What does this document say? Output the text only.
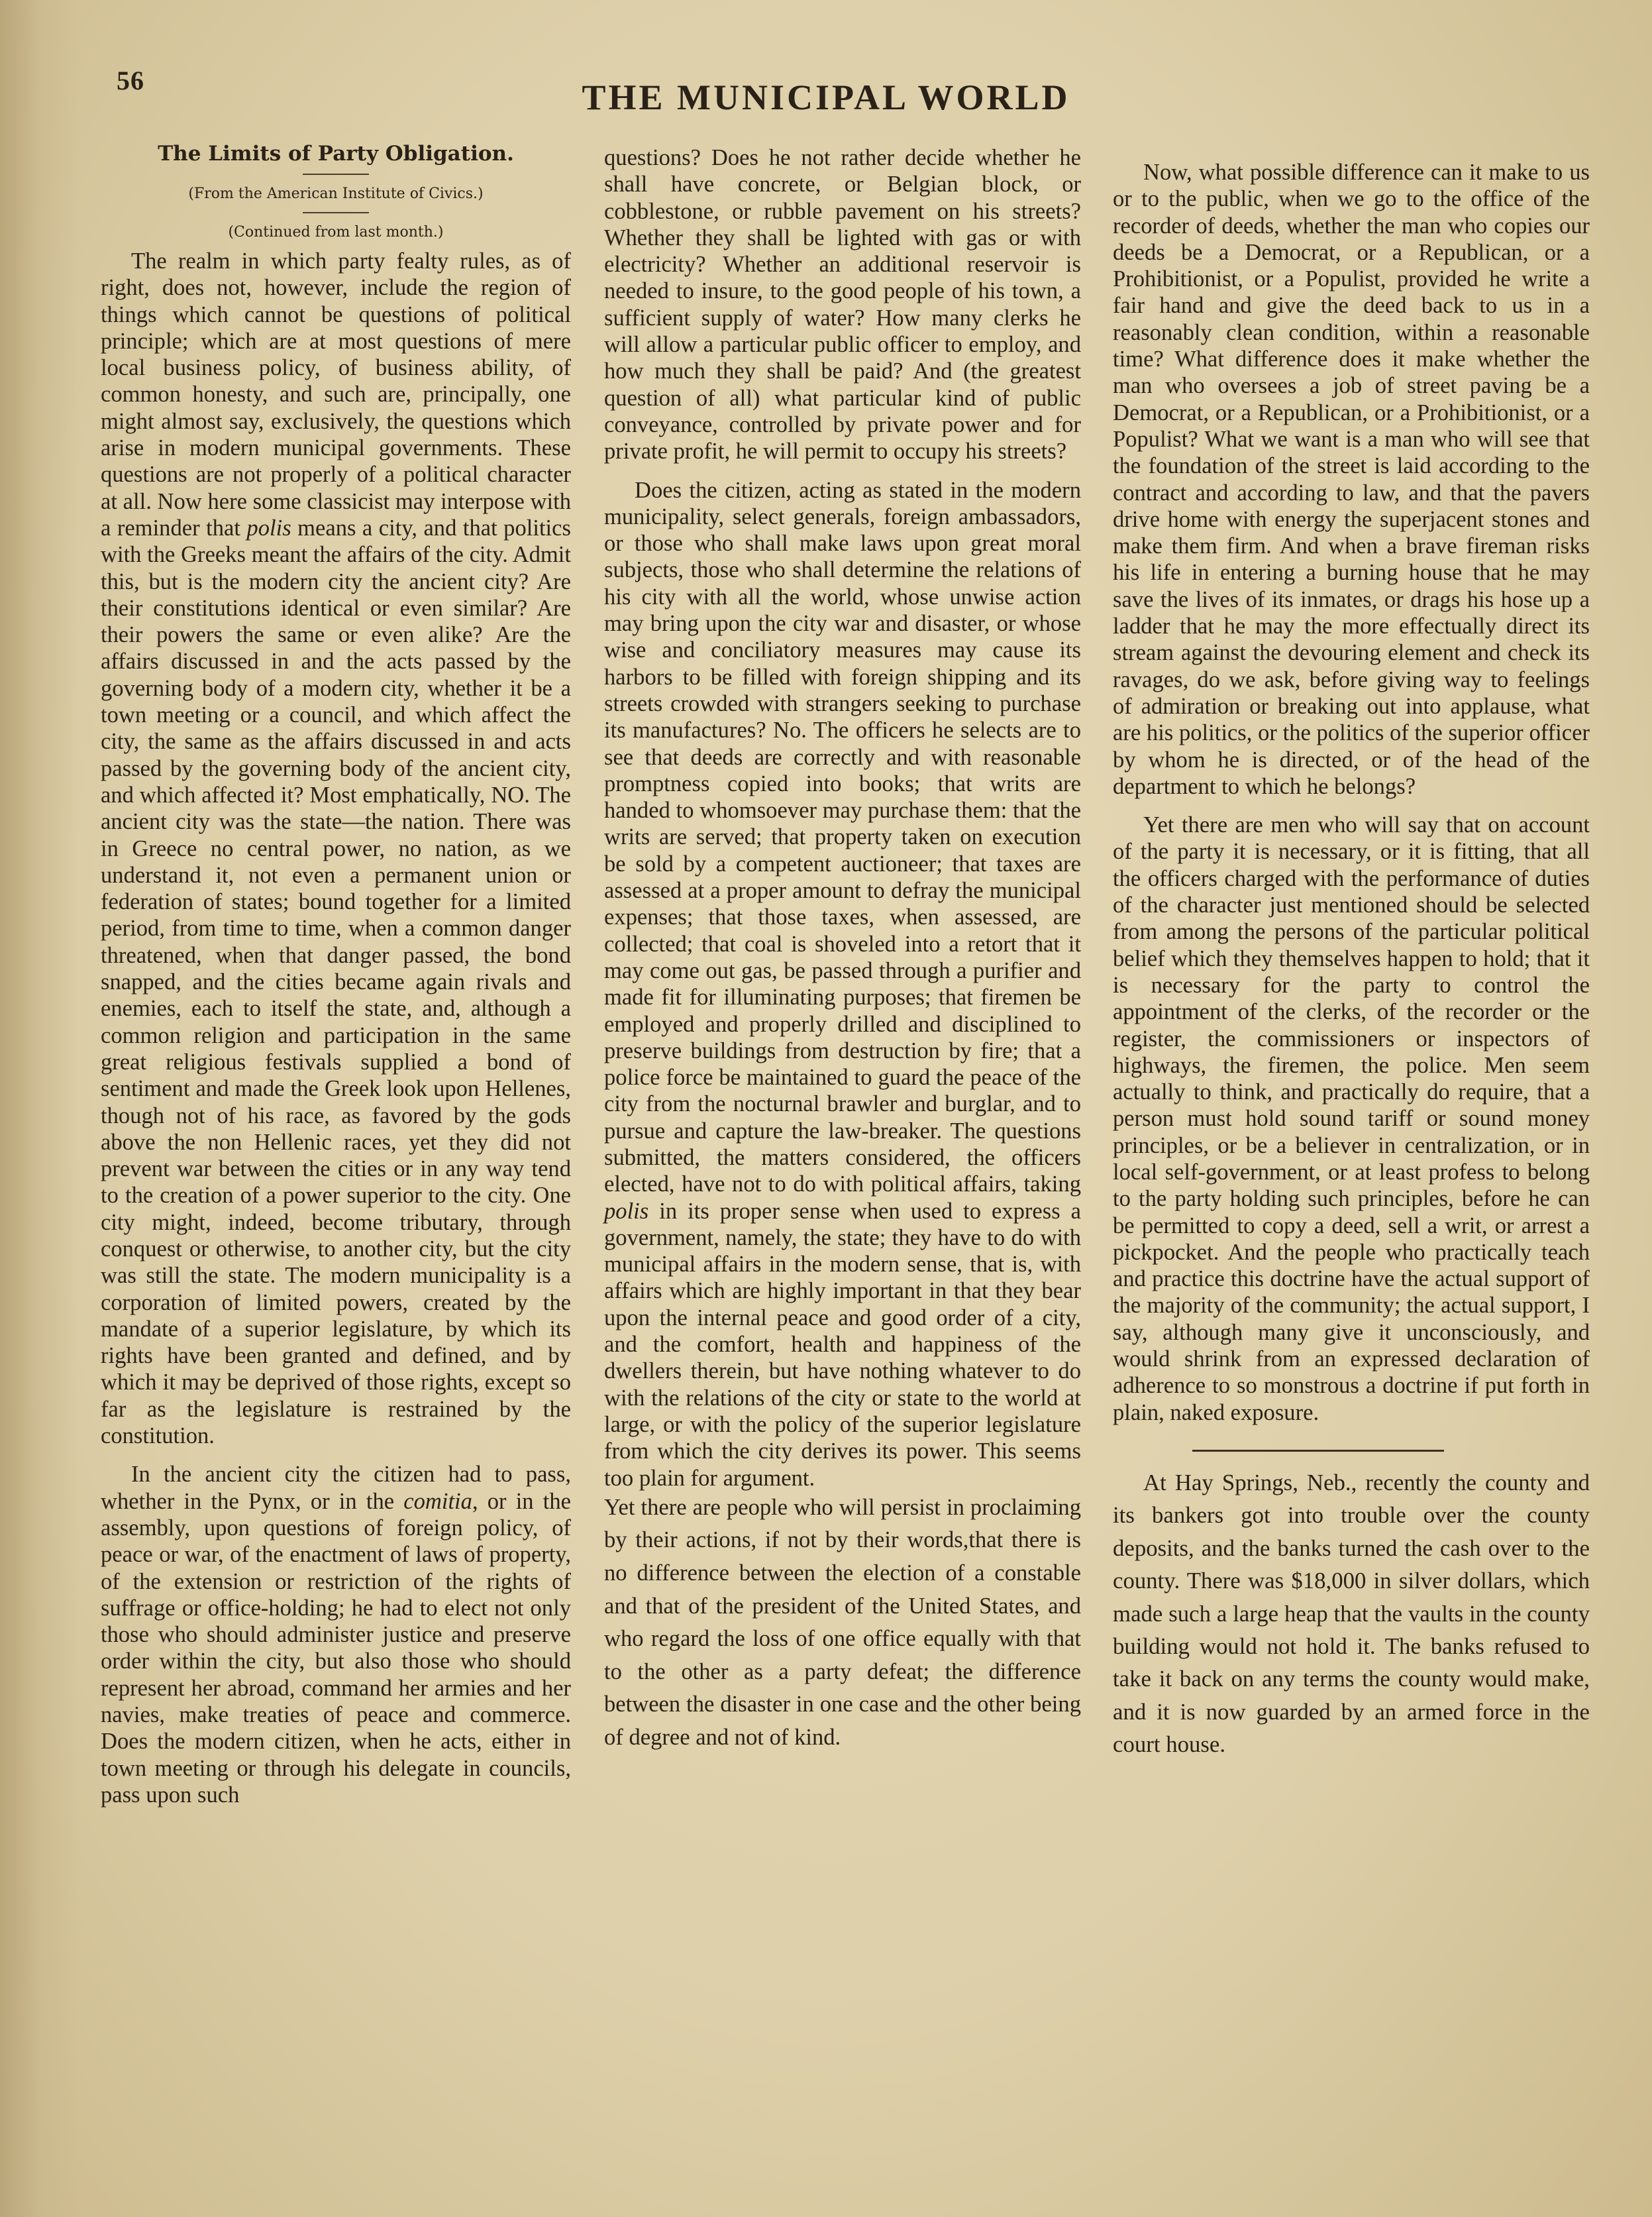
56	THE MUNICIPAL WORLD
The Limits of Party Obligation.
(From the American Institute of Civics.)
(Continued from last month.)

The realm in which party fealty rules, as of right, does not, however, include the region of things which cannot be questions of political principle; which are at most questions of mere local business policy, of business ability, of common honesty, and such are, principally, one might almost say, exclusively, the questions which arise in modern municipal governments. These questions are not properly of a political character at all. Now here some classicist may interpose with a reminder that polis means a city, and that politics with the Greeks meant the affairs of the city. Admit this, but is the modern city the ancient city? Are their constitutions identical or even similar? Are their powers the same or even alike? Are the affairs discussed in and the acts passed by the governing body of a modern city, whether it be a town meeting or a council, and which affect the city, the same as the affairs discussed in and acts passed by the governing body of the ancient city, and which affected it? Most emphatically, NO. The ancient city was the state—the nation. There was in Greece no central power, no nation, as we understand it, not even a permanent union or federation of states; bound together for a limited period, from time to time, when a common danger threatened, when that danger passed, the bond snapped, and the cities became again rivals and enemies, each to itself the state, and, although a common religion and participation in the same great religious festivals supplied a bond of sentiment and made the Greek look upon Hellenes, though not of his race, as favored by the gods above the non Hellenic races, yet they did not prevent war between the cities or in any way tend to the creation of a power superior to the city. One city might, indeed, become tributary, through conquest or otherwise, to another city, but the city was still the state. The modern municipality is a corporation of limited powers, created by the mandate of a superior legislature, by which its rights have been granted and defined, and by which it may be deprived of those rights, except so far as the legislature is restrained by the constitution.

In the ancient city the citizen had to pass, whether in the Pynx, or in the comitia, or in the assembly, upon questions of foreign policy, of peace or war, of the enactment of laws of property, of the extension or restriction of the rights of suffrage or office-holding; he had to elect not only those who should administer justice and preserve order within the city, but also those who should represent her abroad, command her armies and her navies, make treaties of peace and commerce. Does the modern citizen, when he acts, either in town meeting or through his delegate in councils, pass upon such

questions? Does he not rather decide whether he shall have concrete, or Belgian block, or cobblestone, or rubble pavement on his streets? Whether they shall be lighted with gas or with electricity? Whether an additional reservoir is needed to insure, to the good people of his town, a sufficient supply of water? How many clerks he will allow a particular public officer to employ, and how much they shall be paid? And (the greatest question of all) what particular kind of public conveyance, controlled by private power and for private profit, he will permit to occupy his streets?

Does the citizen, acting as stated in the modern municipality, select generals, foreign ambassadors, or those who shall make laws upon great moral subjects, those who shall determine the relations of his city with all the world, whose unwise action may bring upon the city war and disaster, or whose wise and conciliatory measures may cause its harbors to be filled with foreign shipping and its streets crowded with strangers seeking to purchase its manufactures? No. The officers he selects are to see that deeds are correctly and with reasonable promptness copied into books; that writs are handed to whomsoever may purchase them: that the writs are served; that property taken on execution be sold by a competent auctioneer; that taxes are assessed at a proper amount to defray the municipal expenses; that those taxes, when assessed, are collected; that coal is shoveled into a retort that it may come out gas, be passed through a purifier and made fit for illuminating purposes; that firemen be employed and properly drilled and disciplined to preserve buildings from destruction by fire; that a police force be maintained to guard the peace of the city from the nocturnal brawler and burglar, and to pursue and capture the law-breaker. The questions submitted, the matters considered, the officers elected, have not to do with political affairs, taking polis in its proper sense when used to express a government, namely, the state; they have to do with municipal affairs in the modern sense, that is, with affairs which are highly important in that they bear upon the internal peace and good order of a city, and the comfort, health and happiness of the dwellers therein, but have nothing whatever to do with the relations of the city or state to the world at large, or with the policy of the superior legislature from which the city derives its power. This seems too plain for argument.

Yet there are people who will persist in proclaiming by their actions, if not by their words,that there is no difference between the election of a constable and that of the president of the United States, and who regard the loss of one office equally with that to the other as a party defeat; the difference between the disaster in one case and the other being of degree and not of kind.

Now, what possible difference can it make to us or to the public, when we go to the office of the recorder of deeds, whether the man who copies our deeds be a Democrat, or a Republican, or a Prohibitionist, or a Populist, provided he write a fair hand and give the deed back to us in a reasonably clean condition, within a reasonable time? What difference does it make whether the man who oversees a job of street paving be a Democrat, or a Republican, or a Prohibitionist, or a Populist? What we want is a man who will see that the foundation of the street is laid according to the contract and according to law, and that the pavers drive home with energy the superjacent stones and make them firm. And when a brave fireman risks his life in entering a burning house that he may save the lives of its inmates, or drags his hose up a ladder that he may the more effectually direct its stream against the devouring element and check its ravages, do we ask, before giving way to feelings of admiration or breaking out into applause, what are his politics, or the politics of the superior officer by whom he is directed, or of the head of the department to which he belongs?

Yet there are men who will say that on account of the party it is necessary, or it is fitting, that all the officers charged with the performance of duties of the character just mentioned should be selected from among the persons of the particular political belief which they themselves happen to hold; that it is necessary for the party to control the appointment of the clerks, of the recorder or the register, the commissioners or inspectors of highways, the firemen, the police. Men seem actually to think, and practically do require, that a person must hold sound tariff or sound money principles, or be a believer in centralization, or in local self-government, or at least profess to belong to the party holding such principles, before he can be permitted to copy a deed, sell a writ, or arrest a pickpocket. And the people who practically teach and practice this doctrine have the actual support of the majority of the community; the actual support, I say, although many give it unconsciously, and would shrink from an expressed declaration of adherence to so monstrous a doctrine if put forth in plain, naked exposure.

At Hay Springs, Neb., recently the county and its bankers got into trouble over the county deposits, and the banks turned the cash over to the county. There was $18,000 in silver dollars, which made such a large heap that the vaults in the county building would not hold it. The banks refused to take it back on any terms the county would make, and it is now guarded by an armed force in the court house.
